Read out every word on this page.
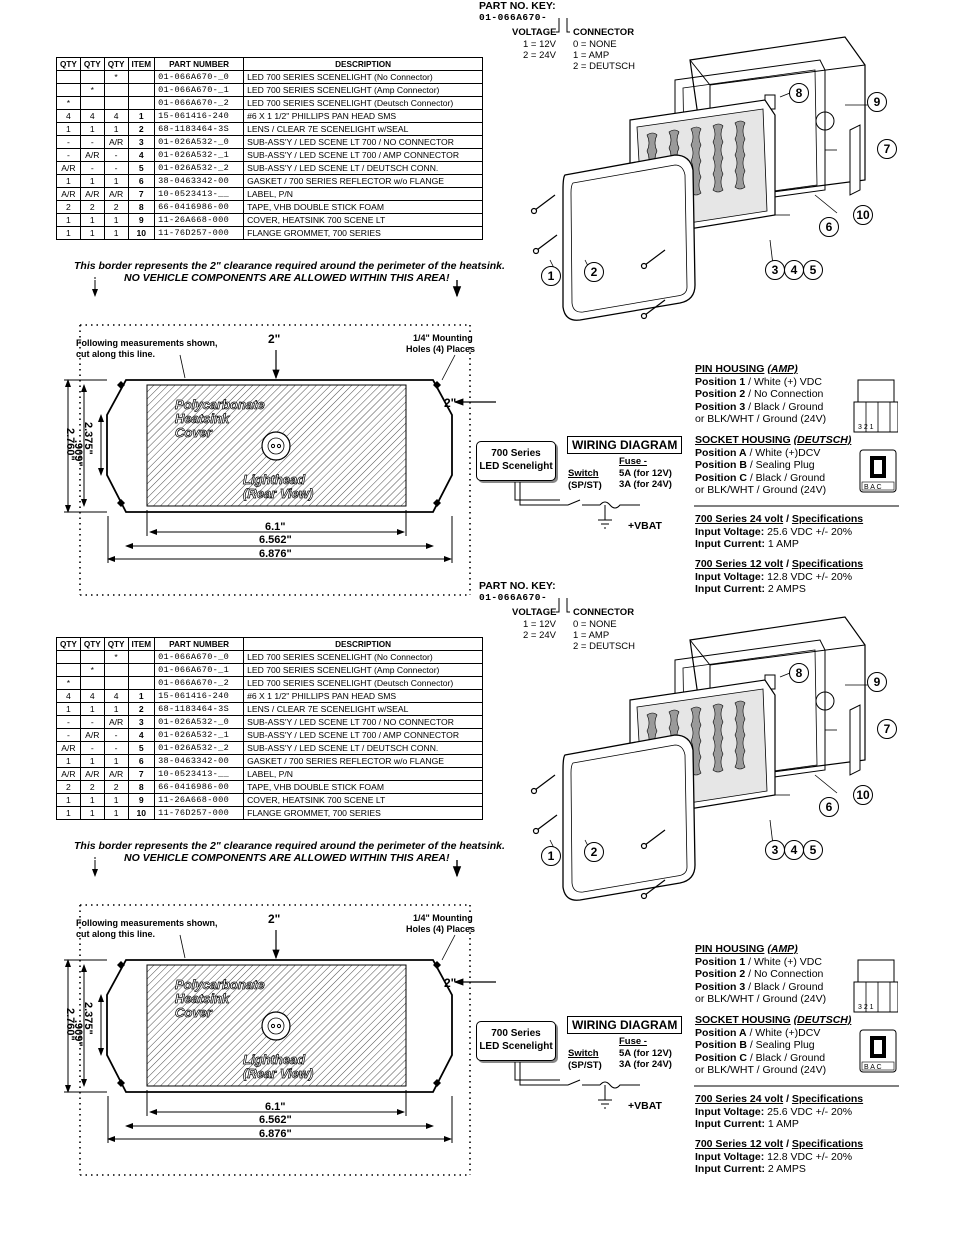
QTY	QTY	QTY	ITEM	PART NUMBER	DESCRIPTION
		*		01-066A670-_0	LED 700 SERIES SCENELIGHT (No Connector)
	*			01-066A670-_1	LED 700 SERIES SCENELIGHT (Amp Connector)
*				01-066A670-_2	LED 700 SERIES SCENELIGHT (Deutsch Connector)
4	4	4	1	15-061416-240	#6 X 1 1/2" PHILLIPS PAN HEAD SMS
1	1	1	2	68-1183464-3S	LENS / CLEAR 7E SCENELIGHT w/SEAL
-	-	A/R	3	01-026A532-_0	SUB-ASS'Y / LED SCENE LT 700 / NO CONNECTOR
-	A/R	-	4	01-026A532-_1	SUB-ASS'Y / LED SCENE LT 700 / AMP CONNECTOR
A/R	-	-	5	01-026A532-_2	SUB-ASS'Y / LED SCENE LT / DEUTSCH CONN.
1	1	1	6	38-0463342-00	GASKET / 700 SERIES REFLECTOR w/o FLANGE
A/R	A/R	A/R	7	10-0523413-__	LABEL, P/N
2	2	2	8	66-0416986-00	TAPE, VHB DOUBLE STICK FOAM
1	1	1	9	11-26A668-000	COVER, HEATSINK 700 SCENE LT
1	1	1	10	11-76D257-000	FLANGE GROMMET, 700 SERIES
PART NO. KEY:
01-066A670-
VOLTAGE
1 = 12V
2 = 24V
CONNECTOR
0 = NONE
1 = AMP
2 = DEUTSCH
8
9
7
10
6
1	2	3	4	5
This border represents the 2" clearance required around the perimeter of the heatsink.
NO VEHICLE COMPONENTS ARE ALLOWED WITHIN THIS AREA!
Following measurements shown,
cut along this line.
2"
2"
1/4" Mounting
Holes (4) Places
Polycarbonate
Heatsink
Cover
Lighthead
(Rear View)
6.1"
6.562"
6.876"
.909"
2.375"
2.760"	700 Series
LED Scenelight
WIRING DIAGRAM
Switch
(SP/ST)
Fuse -
5A (for 12V)
3A (for 24V)
+VBAT
PIN HOUSING (AMP)
Position 1 / White (+) VDC
Position 2 / No Connection
Position 3 / Black / Ground
or BLK/WHT / Ground (24V)
3 2 1
SOCKET HOUSING (DEUTSCH)
Position A / White (+)DCV
Position B / Sealing Plug
Position C / Black / Ground
or BLK/WHT / Ground (24V)	B A C
700 Series 24 volt / Specifications
Input Voltage: 25.6 VDC +/- 20%
Input Current: 1 AMP
700 Series 12 volt / Specifications
Input Voltage: 12.8 VDC +/- 20%
Input Current: 2 AMPS
QTY	QTY	QTY	ITEM	PART NUMBER	DESCRIPTION
		*		01-066A670-_0	LED 700 SERIES SCENELIGHT (No Connector)
	*			01-066A670-_1	LED 700 SERIES SCENELIGHT (Amp Connector)
*				01-066A670-_2	LED 700 SERIES SCENELIGHT (Deutsch Connector)
4	4	4	1	15-061416-240	#6 X 1 1/2" PHILLIPS PAN HEAD SMS
1	1	1	2	68-1183464-3S	LENS / CLEAR 7E SCENELIGHT w/SEAL
-	-	A/R	3	01-026A532-_0	SUB-ASS'Y / LED SCENE LT 700 / NO CONNECTOR
-	A/R	-	4	01-026A532-_1	SUB-ASS'Y / LED SCENE LT 700 / AMP CONNECTOR
A/R	-	-	5	01-026A532-_2	SUB-ASS'Y / LED SCENE LT / DEUTSCH CONN.
1	1	1	6	38-0463342-00	GASKET / 700 SERIES REFLECTOR w/o FLANGE
A/R	A/R	A/R	7	10-0523413-__	LABEL, P/N
2	2	2	8	66-0416986-00	TAPE, VHB DOUBLE STICK FOAM
1	1	1	9	11-26A668-000	COVER, HEATSINK 700 SCENE LT
1	1	1	10	11-76D257-000	FLANGE GROMMET, 700 SERIES
PART NO. KEY:
01-066A670-
VOLTAGE
1 = 12V
2 = 24V
CONNECTOR
0 = NONE
1 = AMP
2 = DEUTSCH
8
9
7
10
6
1	2	3	4	5
This border represents the 2" clearance required around the perimeter of the heatsink.
NO VEHICLE COMPONENTS ARE ALLOWED WITHIN THIS AREA!
Following measurements shown,
cut along this line.
2"
2"
1/4" Mounting
Holes (4) Places
Polycarbonate
Heatsink
Cover
Lighthead
(Rear View)
6.1"
6.562"
6.876"
.909"
2.375"
2.760"	700 Series
LED Scenelight
WIRING DIAGRAM
Switch
(SP/ST)
Fuse -
5A (for 12V)
3A (for 24V)
+VBAT
PIN HOUSING (AMP)
Position 1 / White (+) VDC
Position 2 / No Connection
Position 3 / Black / Ground
or BLK/WHT / Ground (24V)
3 2 1
SOCKET HOUSING (DEUTSCH)
Position A / White (+)DCV
Position B / Sealing Plug
Position C / Black / Ground
or BLK/WHT / Ground (24V)	B A C
700 Series 24 volt / Specifications
Input Voltage: 25.6 VDC +/- 20%
Input Current: 1 AMP
700 Series 12 volt / Specifications
Input Voltage: 12.8 VDC +/- 20%
Input Current: 2 AMPS
